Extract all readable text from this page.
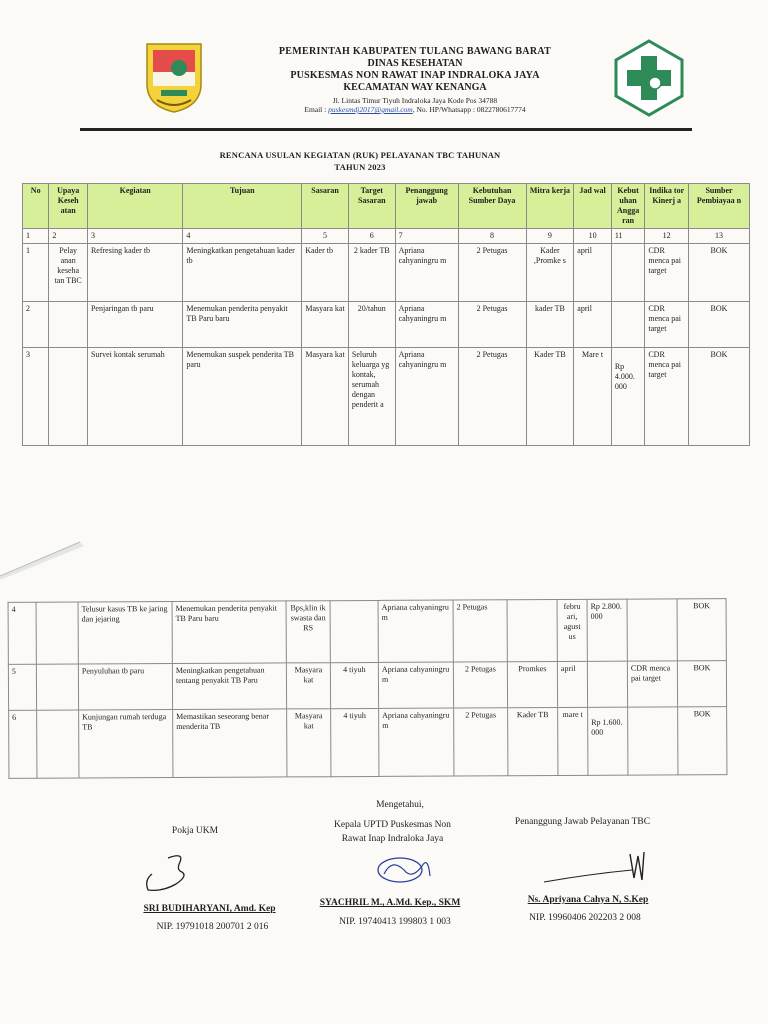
PEMERINTAH KABUPATEN TULANG BAWANG BARAT
DINAS KESEHATAN
PUSKESMAS NON RAWAT INAP INDRALOKA JAYA
KECAMATAN WAY KENANGA
Jl. Lintas Timur Tiyuh Indraloka Jaya Kode Pos 34788
Email : puskesmdj2017@gmail.com, No. HP/Whatsapp : 0822780617774
RENCANA USULAN KEGIATAN (RUK) PELAYANAN TBC TAHUNAN
TAHUN 2023
No	Upaya Keseh atan	Kegiatan	Tujuan	Sasaran	Target Sasaran	Penanggung jawab	Kebutuhan Sumber Daya	Mitra kerja	Jad wal	Kebut uhan Angga ran	Indika tor Kinerj a	Sumber Pembiayaa n
1	2	3	4	5	6	7	8	9	10	11	12	13
1	Pelay anan keseha tan TBC	Refresing kader tb	Meningkatkan pengetahuan kader tb	Kader tb	2 kader TB	Apriana cahyaningru m	2 Petugas	Kader ,Promke s	april		CDR menca pai target	BOK
2		Penjaringan tb paru	Menemukan penderita penyakit TB Paru baru	Masyara kat	20/tahun	Apriana cahyaningru m	2 Petugas	kader TB	april		CDR menca pai target	BOK
3		Survei kontak serumah	Menemukan suspek penderita TB paru	Masyara kat	Seluruh keluarga yg kontak, serumah dengan penderit a	Apriana cahyaningru m	2 Petugas	Kader TB	Mare t	Rp 4.000. 000	CDR menca pai target	BOK
4		Telusur kasus TB ke jaring dan jejaring	Menemukan penderita penyakit TB Paru baru	Bps,klin ik swasta dan RS		Apriana cahyaningru m	2 Petugas		febru ari, agust us	Rp 2.800. 000		BOK
5		Penyuluhan tb paru	Meningkatkan pengetahuan tentang penyakit TB Paru	Masyara kat	4 tiyuh	Apriana cahyaningru m	2 Petugas	Promkes	april		CDR menca pai target	BOK
6		Kunjungan rumah terduga TB	Memastikan seseorang benar menderita TB	Masyara kat	4 tiyuh	Apriana cahyaningru m	2 Petugas	Kader TB	mare t	Rp 1.600. 000		BOK
Mengetahui,
Pokja UKM
Kepala UPTD Puskesmas Non
Rawat Inap Indraloka Jaya
Penanggung Jawab Pelayanan TBC
SRI BUDIHARYANI, Amd. Kep
SYACHRIL M., A.Md. Kep., SKM	Ns. Apriyana Cahya N, S.Kep
NIP. 19791018 200701 2 016	NIP. 19740413 199803 1 003	NIP. 19960406 202203 2 008
